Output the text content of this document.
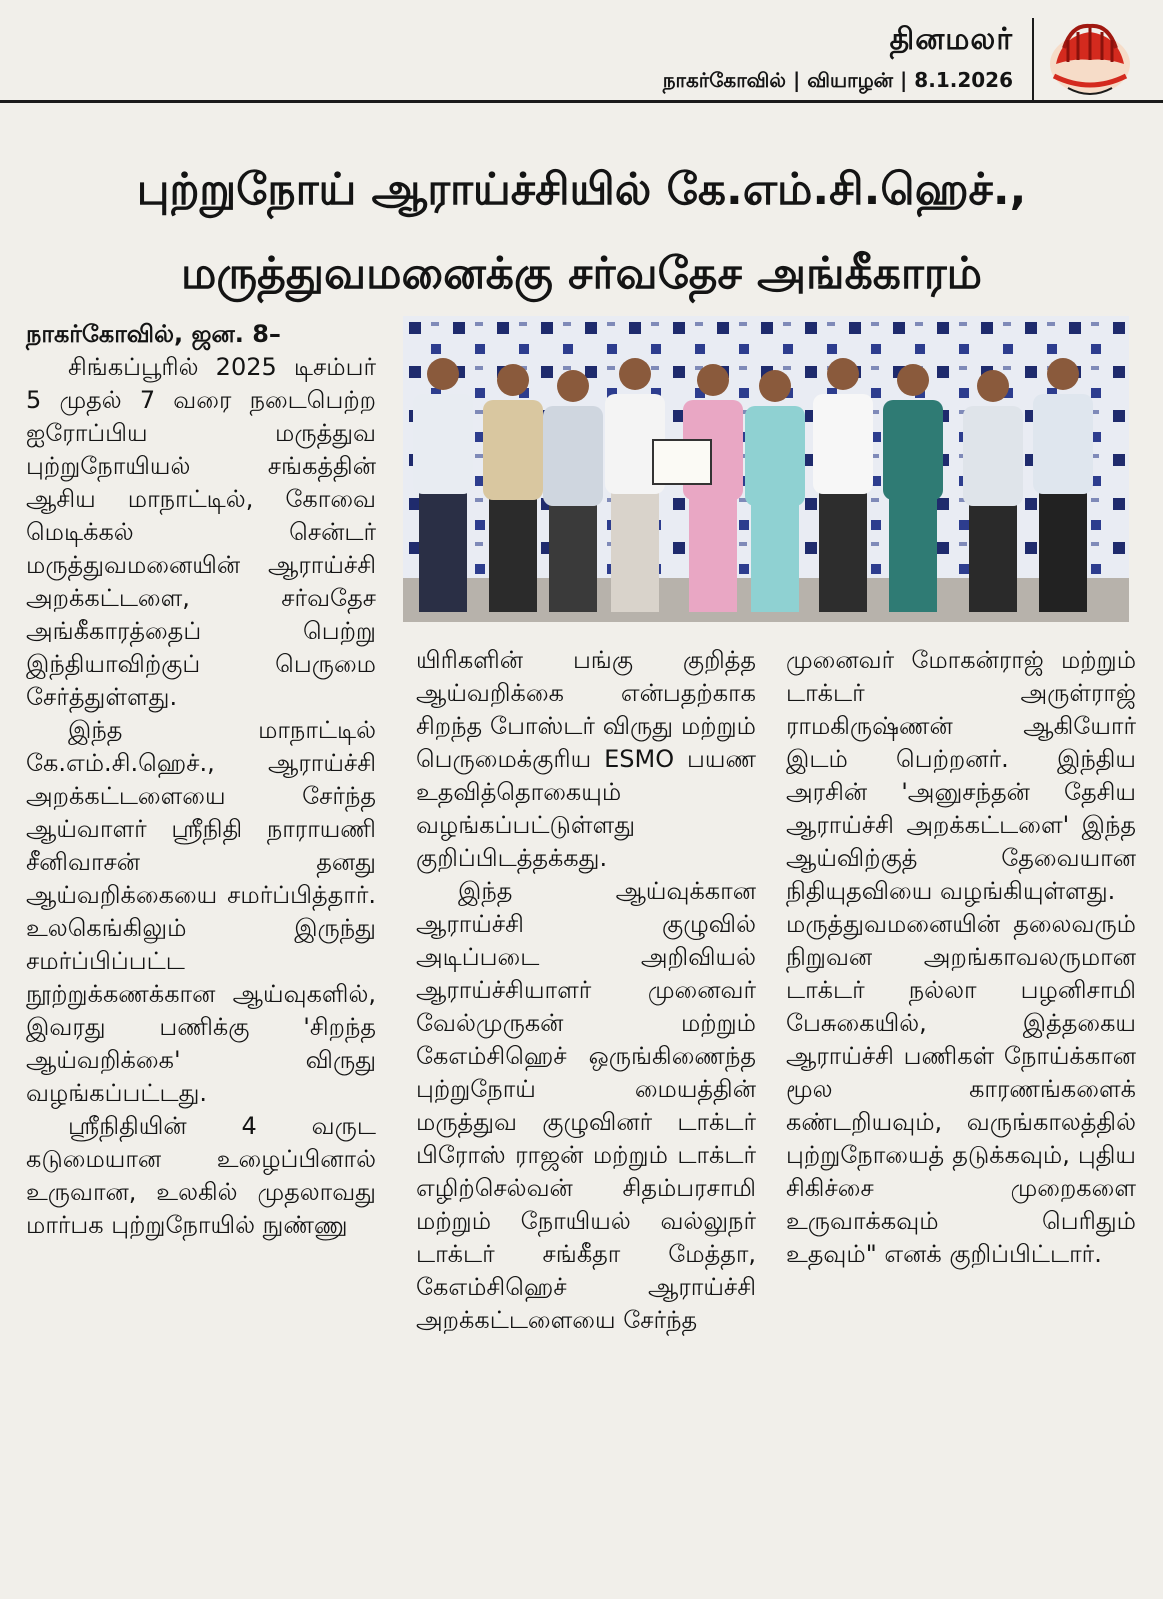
தினமலர்
நாகர்கோவில் | வியாழன் | 8.1.2026
புற்றுநோய் ஆராய்ச்சியில் கே.எம்.சி.ஹெச்.,
மருத்துவமனைக்கு சர்வதேச அங்கீகாரம்

நாகர்கோவில், ஜன. 8–

சிங்கப்பூரில் 2025 டிசம்பர் 5 முதல் 7 வரை நடைபெற்ற ஐரோப்பிய மருத்துவ புற்றுநோயியல் சங்கத்தின் ஆசிய மாநாட்டில், கோவை மெடிக்கல் சென்டர் மருத்துவமனையின் ஆராய்ச்சி அறக்கட்டளை, சர்வதேச அங்கீகாரத்தைப் பெற்று இந்தியாவிற்குப் பெருமை சேர்த்துள்ளது.

இந்த மாநாட்டில் கே.எம்.சி.ஹெச்., ஆராய்ச்சி அறக்கட்டளையை சேர்ந்த ஆய்வாளர் ஸ்ரீநிதி நாராயணி சீனிவாசன் தனது ஆய்வறிக்கையை சமர்ப்பித்தார். உலகெங்கிலும் இருந்து சமர்ப்பிப்பட்ட நூற்றுக்கணக்கான ஆய்வுகளில், இவரது பணிக்கு 'சிறந்த ஆய்வறிக்கை' விருது வழங்கப்பட்டது.

ஸ்ரீநிதியின் 4 வருட கடுமையான உழைப்பினால் உருவான, உலகில் முதலாவது மார்பக புற்றுநோயில் நுண்ணு

யிரிகளின் பங்கு குறித்த ஆய்வறிக்கை என்பதற்காக சிறந்த போஸ்டர் விருது மற்றும் பெருமைக்குரிய ESMO பயண உதவித்தொகையும் வழங்கப்பட்டுள்ளது குறிப்பிடத்தக்கது.

இந்த ஆய்வுக்கான ஆராய்ச்சி குழுவில் அடிப்படை அறிவியல் ஆராய்ச்சியாளர் முனைவர் வேல்முருகன் மற்றும் கேஎம்சிஹெச் ஒருங்கிணைந்த புற்றுநோய் மையத்தின் மருத்துவ குழுவினர் டாக்டர் பிரோஸ் ராஜன் மற்றும் டாக்டர் எழிற்செல்வன் சிதம்பரசாமி மற்றும் நோயியல் வல்லுநர் டாக்டர் சங்கீதா மேத்தா, கேஎம்சிஹெச் ஆராய்ச்சி அறக்கட்டளையை சேர்ந்த

முனைவர் மோகன்ராஜ் மற்றும் டாக்டர் அருள்ராஜ் ராமகிருஷ்ணன் ஆகியோர் இடம் பெற்றனர். இந்திய அரசின் 'அனுசந்தன் தேசிய ஆராய்ச்சி அறக்கட்டளை' இந்த ஆய்விற்குத் தேவையான நிதியுதவியை வழங்கியுள்ளது.

மருத்துவமனையின் தலைவரும் நிறுவன அறங்காவலருமான டாக்டர் நல்லா பழனிசாமி பேசுகையில், இத்தகைய ஆராய்ச்சி பணிகள் நோய்க்கான மூல காரணங்களைக் கண்டறியவும், வருங்காலத்தில் புற்றுநோயைத் தடுக்கவும், புதிய சிகிச்சை முறைகளை உருவாக்கவும் பெரிதும் உதவும்" எனக் குறிப்பிட்டார்.
